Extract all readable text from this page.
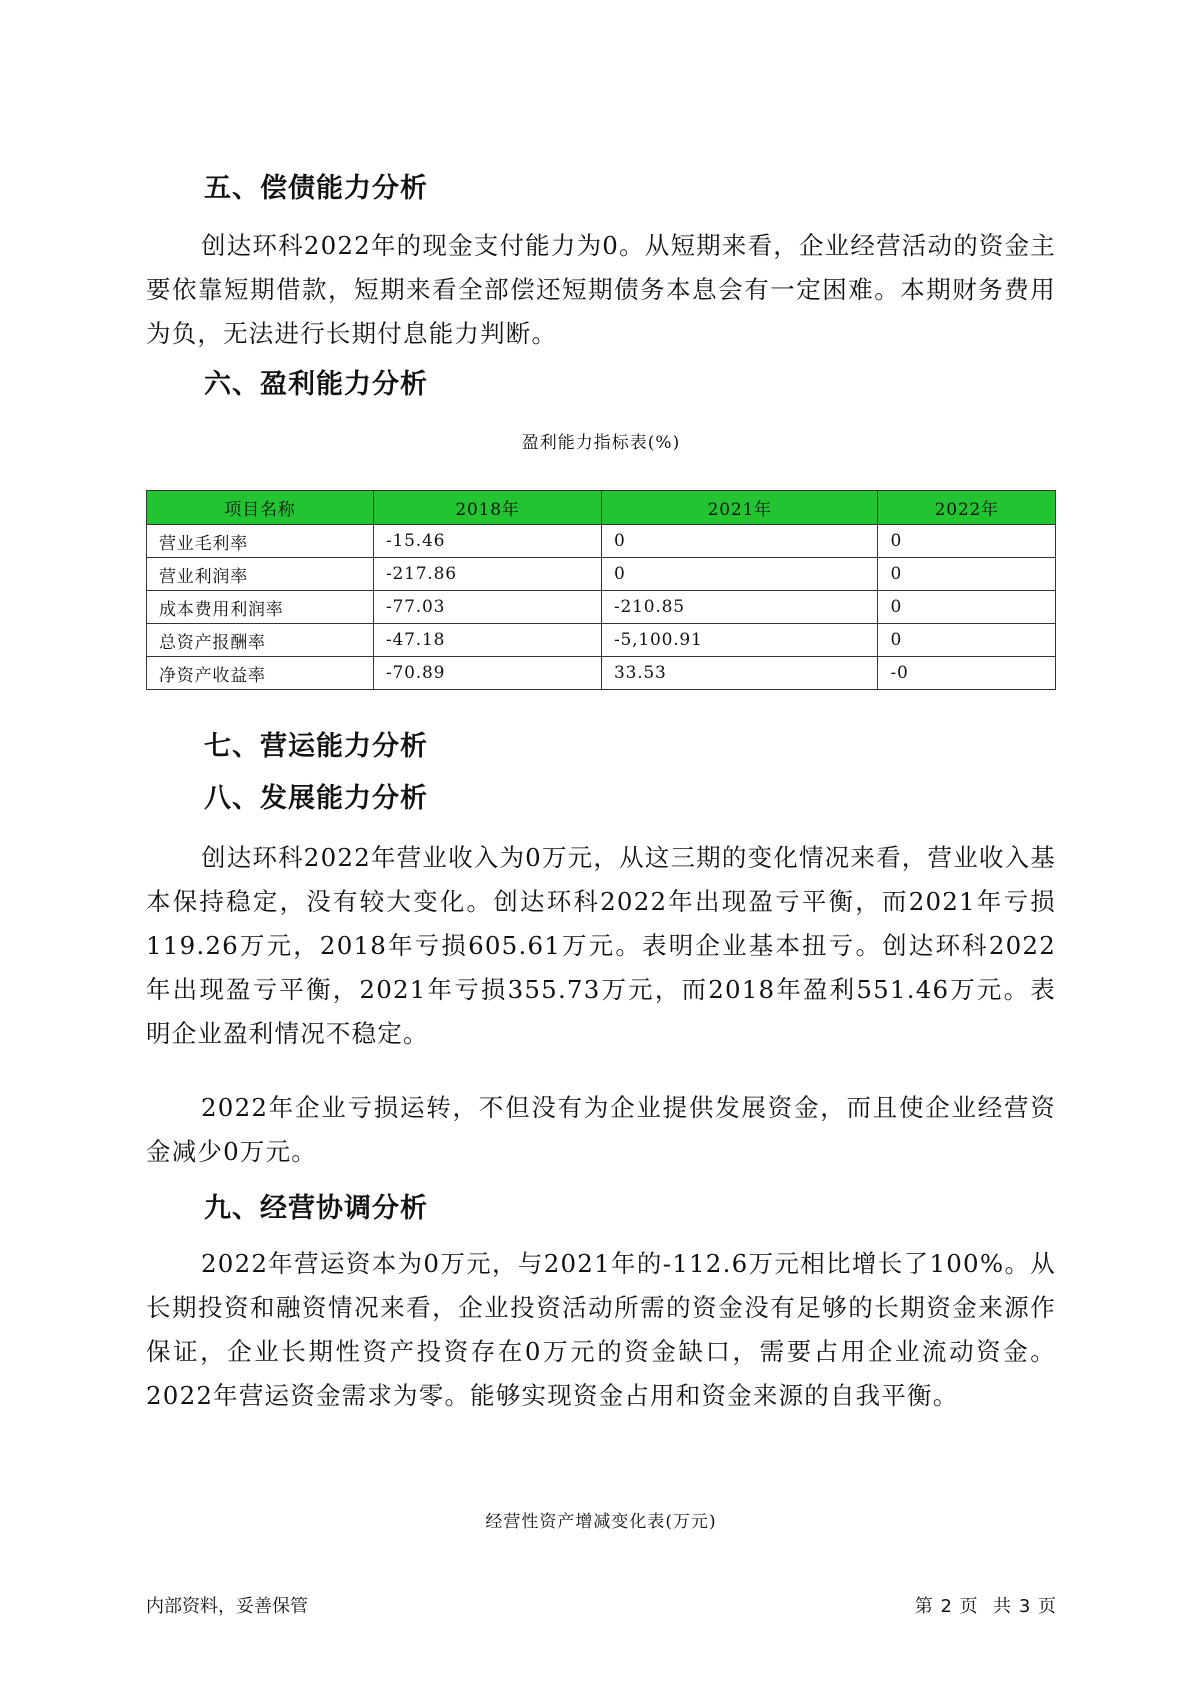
五、偿债能力分析

创达环科2022年的现金支付能力为0。从短期来看，企业经营活动的资金主要依靠短期借款，短期来看全部偿还短期债务本息会有一定困难。本期财务费用为负，无法进行长期付息能力判断。

六、盈利能力分析
盈利能力指标表(%)
项目名称	2018年	2021年	2022年
营业毛利率	-15.46	0	0
营业利润率	-217.86	0	0
成本费用利润率	-77.03	-210.85	0
总资产报酬率	-47.18	-5,100.91	0
净资产收益率	-70.89	33.53	-0
七、营运能力分析
八、发展能力分析

创达环科2022年营业收入为0万元，从这三期的变化情况来看，营业收入基本保持稳定，没有较大变化。创达环科2022年出现盈亏平衡，而2021年亏损119.26万元，2018年亏损605.61万元。表明企业基本扭亏。创达环科2022年出现盈亏平衡，2021年亏损355.73万元，而2018年盈利551.46万元。表明企业盈利情况不稳定。

2022年企业亏损运转，不但没有为企业提供发展资金，而且使企业经营资金减少0万元。

九、经营协调分析

2022年营运资本为0万元，与2021年的-112.6万元相比增长了100%。从长期投资和融资情况来看，企业投资活动所需的资金没有足够的长期资金来源作保证，企业长期性资产投资存在0万元的资金缺口，需要占用企业流动资金。2022年营运资金需求为零。能够实现资金占用和资金来源的自我平衡。

经营性资产增减变化表(万元)
内部资料，妥善保管	第 2 页  共 3 页
